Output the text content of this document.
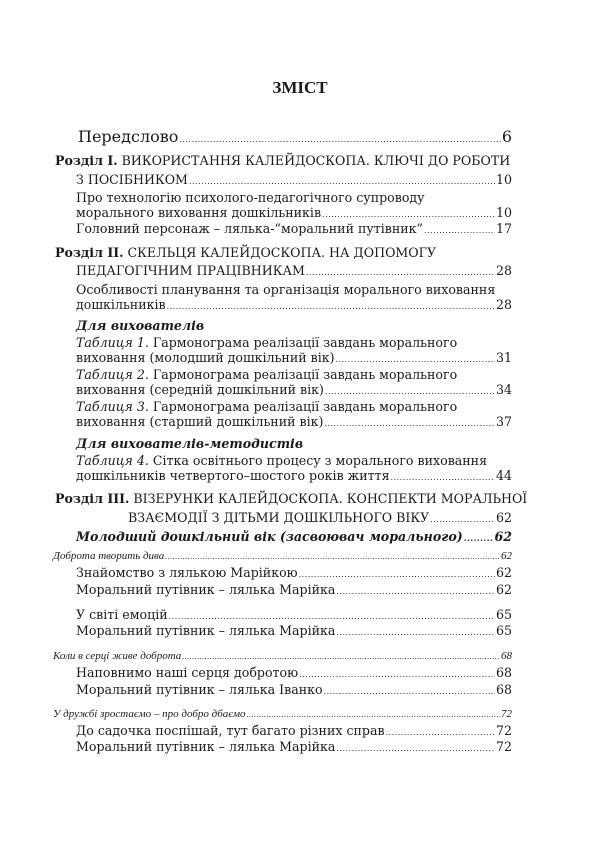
ЗМІСТ
Передслово .....	6
Розділ I. ВИКОРИСТАННЯ КАЛЕЙДОСКОПА. КЛЮЧІ ДО РОБОТИ
З ПОСІБНИКОМ .....	10
Про технологію психолого-педагогічного супроводу
морального виховання дошкільників .....	10
Головний персонаж – лялька-“моральний путівник” .....	17
Розділ II. СКЕЛЬЦЯ КАЛЕЙДОСКОПА. НА ДОПОМОГУ
ПЕДАГОГІЧНИМ ПРАЦІВНИКАМ .....	28
Особливості планування та організація морального виховання
дошкільників .....	28
Для вихователів
Таблиця 1. Гармонограма реалізації завдань морального
виховання (молодший дошкільний вік) .....	31
Таблиця 2. Гармонограма реалізації завдань морального
виховання (середній дошкільний вік) .....	34
Таблиця 3. Гармонограма реалізації завдань морального
виховання (старший дошкільний вік) .....	37
Для вихователів-методистів
Таблиця 4. Сітка освітнього процесу з морального виховання
дошкільників четвертого–шостого років життя .....	44
Розділ III. ВІЗЕРУНКИ КАЛЕЙДОСКОПА. КОНСПЕКТИ МОРАЛЬНОЇ
ВЗАЄМОДІЇ З ДІТЬМИ ДОШКІЛЬНОГО ВІКУ .....	62
Молодший дошкільний вік (засвоювач морального) .....	62
Доброта творить дива .....	62
Знайомство з лялькою Марійкою .....	62
Моральний путівник – лялька Марійка .....	62
У світі емоцій .....	65
Моральний путівник – лялька Марійка .....	65
Коли в серці живе доброта .....	68
Наповнимо наші серця добротою .....	68
Моральний путівник – лялька Іванко .....	68
У дружбі зростаємо – про добро дбаємо .....	72
До садочка поспішай, тут багато різних справ .....	72
Моральний путівник – лялька Марійка .....	72
